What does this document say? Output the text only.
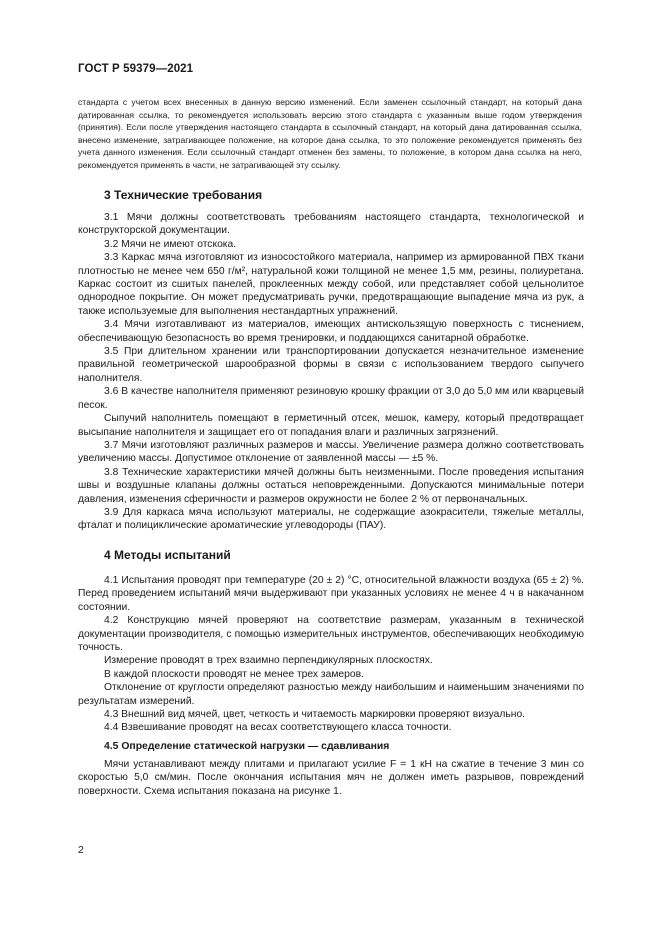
ГОСТ Р 59379—2021

стандарта с учетом всех внесенных в данную версию изменений. Если заменен ссылочный стандарт, на который дана датированная ссылка, то рекомендуется использовать версию этого стандарта с указанным выше годом утверждения (принятия). Если после утверждения настоящего стандарта в ссылочный стандарт, на который дана датированная ссылка, внесено изменение, затрагивающее положение, на которое дана ссылка, то это положение рекомендуется применять без учета данного изменения. Если ссылочный стандарт отменен без замены, то положение, в котором дана ссылка на него, рекомендуется применять в части, не затрагивающей эту ссылку.

3 Технические требования

3.1 Мячи должны соответствовать требованиям настоящего стандарта, технологической и конструкторской документации.

3.2 Мячи не имеют отскока.

3.3 Каркас мяча изготовляют из износостойкого материала, например из армированной ПВХ ткани плотностью не менее чем 650 г/м², натуральной кожи толщиной не менее 1,5 мм, резины, полиуретана. Каркас состоит из сшитых панелей, проклеенных между собой, или представляет собой цельнолитое однородное покрытие. Он может предусматривать ручки, предотвращающие выпадение мяча из рук, а также используемые для выполнения нестандартных упражнений.

3.4 Мячи изготавливают из материалов, имеющих антискользящую поверхность с тиснением, обеспечивающую безопасность во время тренировки, и поддающихся санитарной обработке.

3.5 При длительном хранении или транспортировании допускается незначительное изменение правильной геометрической шарообразной формы в связи с использованием твердого сыпучего наполнителя.

3.6 В качестве наполнителя применяют резиновую крошку фракции от 3,0 до 5,0 мм или кварцевый песок.

Сыпучий наполнитель помещают в герметичный отсек, мешок, камеру, который предотвращает высыпание наполнителя и защищает его от попадания влаги и различных загрязнений.

3.7 Мячи изготовляют различных размеров и массы. Увеличение размера должно соответствовать увеличению массы. Допустимое отклонение от заявленной массы — ±5 %.

3.8 Технические характеристики мячей должны быть неизменными. После проведения испытания швы и воздушные клапаны должны остаться неповрежденными. Допускаются минимальные потери давления, изменения сферичности и размеров окружности не более 2 % от первоначальных.

3.9 Для каркаса мяча используют материалы, не содержащие азокрасители, тяжелые металлы, фталат и полициклические ароматические углеводороды (ПАУ).

4 Методы испытаний

4.1 Испытания проводят при температуре (20 ± 2) °С, относительной влажности воздуха (65 ± 2) %. Перед проведением испытаний мячи выдерживают при указанных условиях не менее 4 ч в накачанном состоянии.

4.2 Конструкцию мячей проверяют на соответствие размерам, указанным в технической документации производителя, с помощью измерительных инструментов, обеспечивающих необходимую точность.

Измерение проводят в трех взаимно перпендикулярных плоскостях.

В каждой плоскости проводят не менее трех замеров.

Отклонение от круглости определяют разностью между наибольшим и наименьшим значениями по результатам измерений.

4.3 Внешний вид мячей, цвет, четкость и читаемость маркировки проверяют визуально.

4.4 Взвешивание проводят на весах соответствующего класса точности.

4.5 Определение статической нагрузки — сдавливания

Мячи устанавливают между плитами и прилагают усилие F = 1 кН на сжатие в течение 3 мин со скоростью 5,0 см/мин. После окончания испытания мяч не должен иметь разрывов, повреждений поверхности. Схема испытания показана на рисунке 1.

2
